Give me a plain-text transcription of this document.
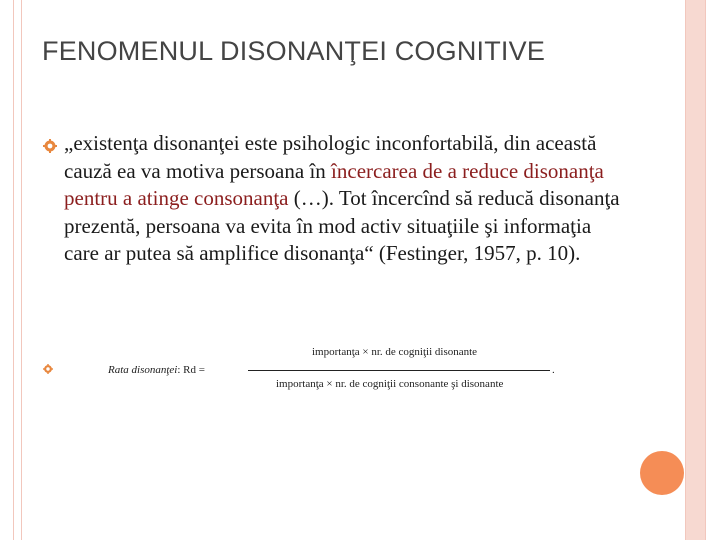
FENOMENUL DISONANŢEI COGNITIVE
„existenţa disonanţei este psihologic inconfortabilă, din această cauză ea va motiva persoana în încercarea de a reduce disonanţa pentru a atinge consonanţa (…). Tot încercînd să reducă disonanţa prezentă, persoana va evita în mod activ situaţiile şi informaţia care ar putea să amplifice disonanţa“ (Festinger, 1957, p. 10).
Rata disonanţei: Rd =
importanţa × nr. de cogniţii disonante
.
importanţa × nr. de cogniţii consonante şi disonante
